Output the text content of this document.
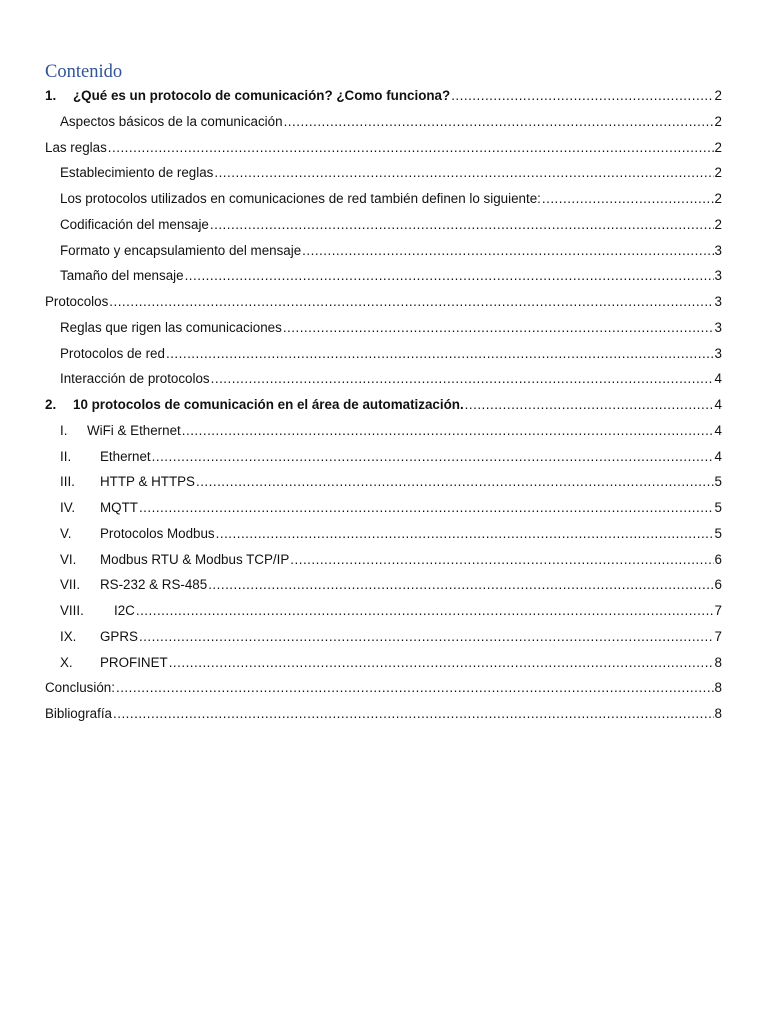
Contenido
1.	¿Qué es un protocolo de comunicación? ¿Como funciona? .....	2
Aspectos básicos de la comunicación .....	2
Las reglas .....	2
Establecimiento de reglas .....	2
Los protocolos utilizados en comunicaciones de red también definen lo siguiente: .....	2
Codificación del mensaje .....	2
Formato y encapsulamiento del mensaje .....	3
Tamaño del mensaje .....	3
Protocolos .....	3
Reglas que rigen las comunicaciones .....	3
Protocolos de red .....	3
Interacción de protocolos .....	4
2.	10 protocolos de comunicación en el área de automatización. .....	4
I.	WiFi & Ethernet .....	4
II.	Ethernet .....	4
III.	HTTP & HTTPS .....	5
IV.	MQTT .....	5
V.	Protocolos Modbus .....	5
VI.	Modbus RTU & Modbus TCP/IP .....	6
VII.	RS-232 & RS-485 .....	6
VIII.	I2C .....	7
IX.	GPRS .....	7
X.	PROFINET .....	8
Conclusión: .....	8
Bibliografía .....	8
